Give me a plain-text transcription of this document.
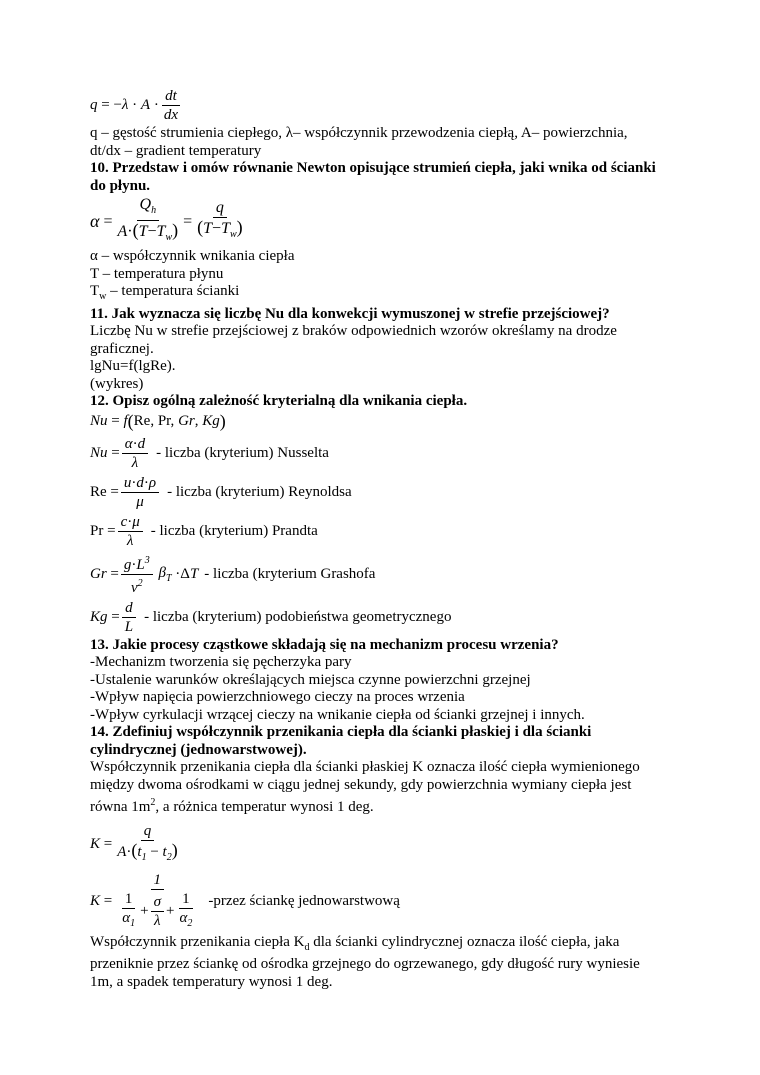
q = − $\lambda \cdot A \cdot \frac{dt}{dx}$

q – gęstość strumienia ciepłego, λ– współczynnik przewodzenia ciepłą, A– powierzchnia,

dt/dx – gradient temperatury

10. Przedstaw i omów równanie Newton opisujące strumień ciepła, jaki wnika od ścianki

do płynu.

$\alpha = \frac{Q_h}{A\cdot(T-T_w)} = \frac{q}{(T-T_w)}$

α – współczynnik wnikania ciepła

T – temperatura płynu

$T_w$ – temperatura ścianki

11. Jak wyznacza się liczbę Nu dla konwekcji wymuszonej w strefie przejściowej?

Liczbę Nu w strefie przejściowej z braków odpowiednich wzorów określamy na drodze

graficznej.

lgNu=f(lgRe).

(wykres)

12. Opisz ogólną zależność kryterialną dla wnikania ciepła.

Nu = f ( Re, Pr, Gr , Kg )
$Nu = \frac{\alpha\cdot d}{\lambda}$ - liczba (kryterium) Nusselta
$Re = \frac{u\cdot d\cdot\rho}{\mu}$ - liczba (kryterium) Reynoldsa
$Pr = \frac{c\cdot\mu}{\lambda}$ - liczba (kryterium) Prandta
$Gr = \frac{g\cdot L^3}{\nu^2} \beta_T \cdot\Delta$ T - liczba (kryterium Grashofa
$Kg = \frac{d}{L}$ - liczba (kryterium) podobieństwa geometrycznego

13. Jakie procesy cząstkowe składają się na mechanizm procesu wrzenia?

-Mechanizm tworzenia się pęcherzyka pary

-Ustalenie warunków określających miejsca czynne powierzchni grzejnej

-Wpływ napięcia powierzchniowego cieczy na proces wrzenia

-Wpływ cyrkulacji wrzącej cieczy na wnikanie ciepła od ścianki grzejnej i innych.

14. Zdefiniuj współczynnik przenikania ciepła dla ścianki płaskiej i dla ścianki

cylindrycznej (jednowarstwowej).

Współczynnik przenikania ciepła dla ścianki płaskiej K oznacza ilość ciepła wymienionego

między dwoma ośrodkami w ciągu jednej sekundy, gdy powierzchnia wymiany ciepła jest

równa $1m^2$, a różnica temperatur wynosi 1 deg.

$K = \frac{q}{A\cdot(t_1 - t_2)}$
$K = \frac{1}{\frac{1}{\alpha_1} + \frac{\sigma}{\lambda} + \frac{1}{\alpha_2}}$ -przez ściankę jednowarstwową

Współczynnik przenikania ciepła $K_d$ dla ścianki cylindrycznej oznacza ilość ciepła, jaka

przeniknie przez ściankę od ośrodka grzejnego do ogrzewanego, gdy długość rury wyniesie

1m, a spadek temperatury wynosi 1 deg.
